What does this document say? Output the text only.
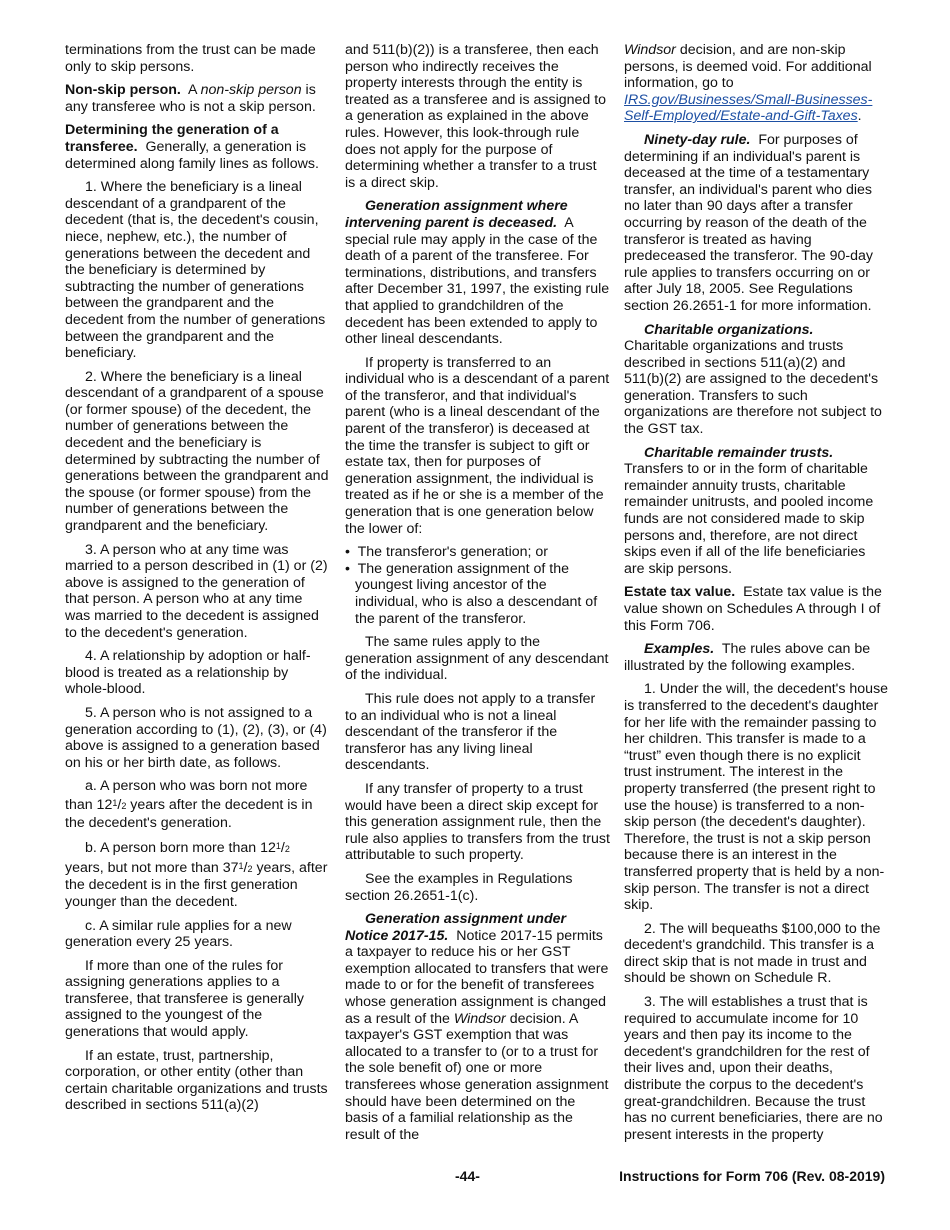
terminations from the trust can be made only to skip persons.

Non-skip person. A non-skip person is any transferee who is not a skip person.

Determining the generation of a transferee. Generally, a generation is determined along family lines as follows.

1. Where the beneficiary is a lineal descendant of a grandparent of the decedent (that is, the decedent's cousin, niece, nephew, etc.), the number of generations between the decedent and the beneficiary is determined by subtracting the number of generations between the grandparent and the decedent from the number of generations between the grandparent and the beneficiary.

2. Where the beneficiary is a lineal descendant of a grandparent of a spouse (or former spouse) of the decedent, the number of generations between the decedent and the beneficiary is determined by subtracting the number of generations between the grandparent and the spouse (or former spouse) from the number of generations between the grandparent and the beneficiary.

3. A person who at any time was married to a person described in (1) or (2) above is assigned to the generation of that person. A person who at any time was married to the decedent is assigned to the decedent's generation.

4. A relationship by adoption or half-blood is treated as a relationship by whole-blood.

5. A person who is not assigned to a generation according to (1), (2), (3), or (4) above is assigned to a generation based on his or her birth date, as follows.

a. A person who was born not more than $12^1/2$ years after the decedent is in the decedent's generation.

b. A person born more than $12^1/2$ years, but not more than $37^1/2$ years, after the decedent is in the first generation younger than the decedent.

c. A similar rule applies for a new generation every 25 years.

If more than one of the rules for assigning generations applies to a transferee, that transferee is generally assigned to the youngest of the generations that would apply.

If an estate, trust, partnership, corporation, or other entity (other than certain charitable organizations and trusts described in sections 511(a)(2)

and 511(b)(2)) is a transferee, then each person who indirectly receives the property interests through the entity is treated as a transferee and is assigned to a generation as explained in the above rules. However, this look-through rule does not apply for the purpose of determining whether a transfer to a trust is a direct skip.

Generation assignment where intervening parent is deceased. A special rule may apply in the case of the death of a parent of the transferee. For terminations, distributions, and transfers after December 31, 1997, the existing rule that applied to grandchildren of the decedent has been extended to apply to other lineal descendants.

If property is transferred to an individual who is a descendant of a parent of the transferor, and that individual's parent (who is a lineal descendant of the parent of the transferor) is deceased at the time the transfer is subject to gift or estate tax, then for purposes of generation assignment, the individual is treated as if he or she is a member of the generation that is one generation below the lower of:

• The transferor's generation; or

• The generation assignment of the youngest living ancestor of the individual, who is also a descendant of the parent of the transferor.

The same rules apply to the generation assignment of any descendant of the individual.

This rule does not apply to a transfer to an individual who is not a lineal descendant of the transferor if the transferor has any living lineal descendants.

If any transfer of property to a trust would have been a direct skip except for this generation assignment rule, then the rule also applies to transfers from the trust attributable to such property.

See the examples in Regulations section 26.2651-1(c).

Generation assignment under Notice 2017-15. Notice 2017-15 permits a taxpayer to reduce his or her GST exemption allocated to transfers that were made to or for the benefit of transferees whose generation assignment is changed as a result of the Windsor decision. A taxpayer's GST exemption that was allocated to a transfer to (or to a trust for the sole benefit of) one or more transferees whose generation assignment should have been determined on the basis of a familial relationship as the result of the

Windsor decision, and are non-skip persons, is deemed void. For additional information, go to IRS.gov/Businesses/Small-Businesses-Self-Employed/Estate-and-Gift-Taxes.

Ninety-day rule. For purposes of determining if an individual's parent is deceased at the time of a testamentary transfer, an individual's parent who dies no later than 90 days after a transfer occurring by reason of the death of the transferor is treated as having predeceased the transferor. The 90-day rule applies to transfers occurring on or after July 18, 2005. See Regulations section 26.2651-1 for more information.

Charitable organizations.
Charitable organizations and trusts described in sections 511(a)(2) and 511(b)(2) are assigned to the decedent's generation. Transfers to such organizations are therefore not subject to the GST tax.

Charitable remainder trusts.
Transfers to or in the form of charitable remainder annuity trusts, charitable remainder unitrusts, and pooled income funds are not considered made to skip persons and, therefore, are not direct skips even if all of the life beneficiaries are skip persons.

Estate tax value. Estate tax value is the value shown on Schedules A through I of this Form 706.

Examples. The rules above can be illustrated by the following examples.

1. Under the will, the decedent's house is transferred to the decedent's daughter for her life with the remainder passing to her children. This transfer is made to a “trust” even though there is no explicit trust instrument. The interest in the property transferred (the present right to use the house) is transferred to a non-skip person (the decedent's daughter). Therefore, the trust is not a skip person because there is an interest in the transferred property that is held by a non-skip person. The transfer is not a direct skip.

2. The will bequeaths $100,000 to the decedent's grandchild. This transfer is a direct skip that is not made in trust and should be shown on Schedule R.

3. The will establishes a trust that is required to accumulate income for 10 years and then pay its income to the decedent's grandchildren for the rest of their lives and, upon their deaths, distribute the corpus to the decedent's great-grandchildren. Because the trust has no current beneficiaries, there are no present interests in the property

-44-	Instructions for Form 706 (Rev. 08-2019)
